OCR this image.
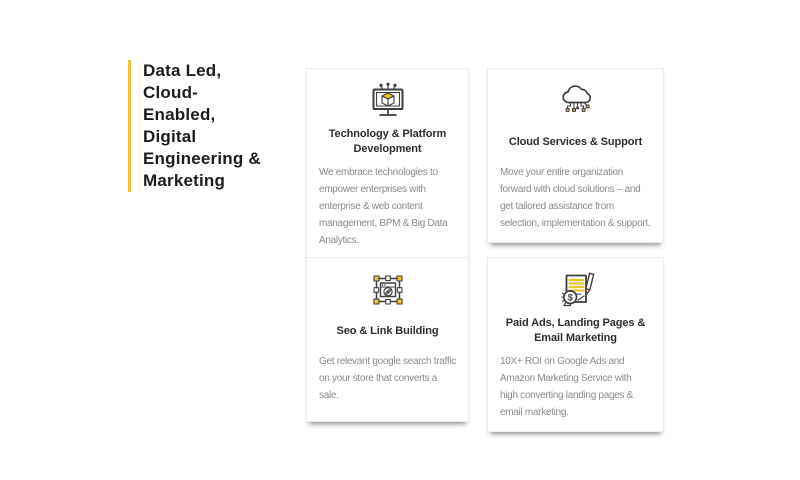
Data Led,
Cloud-
Enabled,
Digital
Engineering &
Marketing
Technology & Platform Development

We embrace technologies to empower enterprises with enterprise & web content management, BPM & Big Data Analytics.

Cloud Services & Support

Move your entire organization forward with cloud solutions – and get tailored assistance from selection, implementation & support.

Seo & Link Building

Get relevant google search traffic on your store that converts a sale.

$
Paid Ads, Landing Pages & Email Marketing

10X+ ROI on Google Ads and Amazon Marketing Service with high converting landing pages & email marketing.
